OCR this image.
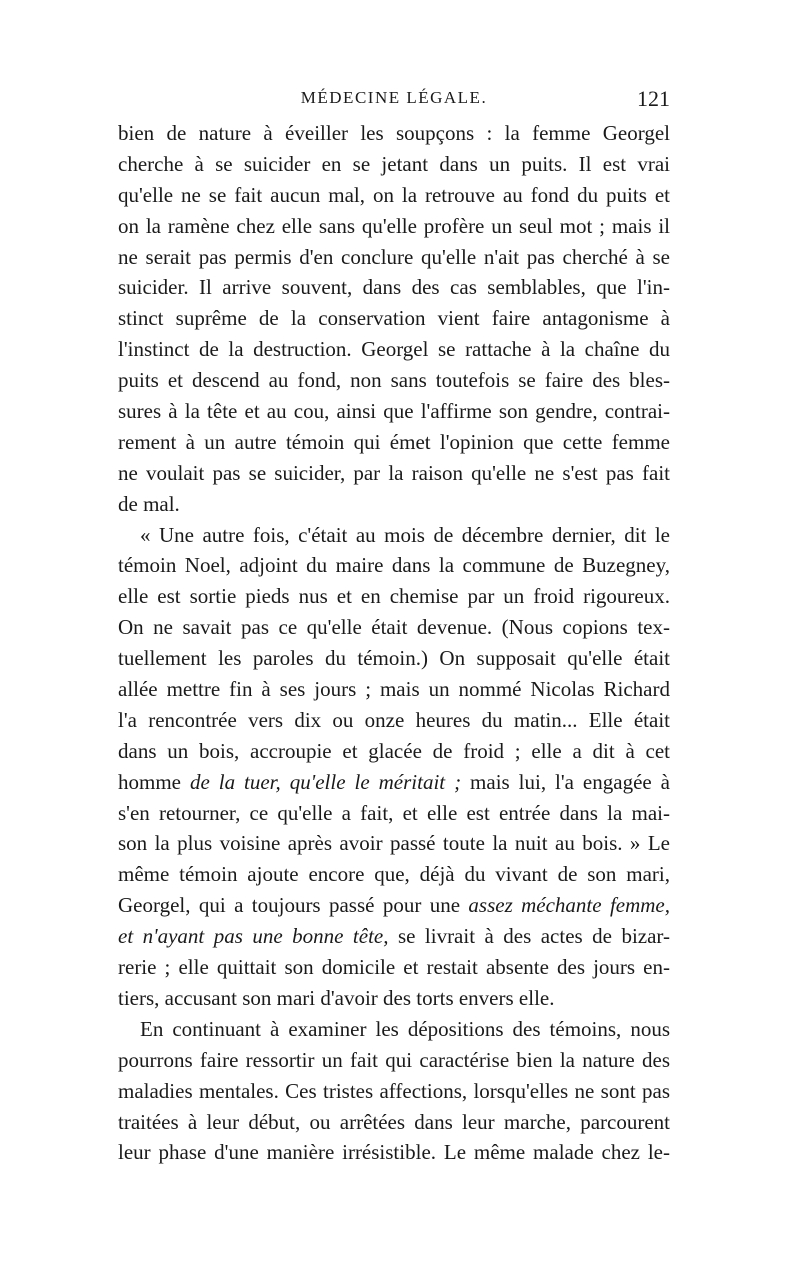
MÉDECINE LÉGALE.	121
bien de nature à éveiller les soupçons : la femme Georgel
cherche à se suicider en se jetant dans un puits. Il est vrai
qu'elle ne se fait aucun mal, on la retrouve au fond du puits et
on la ramène chez elle sans qu'elle profère un seul mot ; mais il
ne serait pas permis d'en conclure qu'elle n'ait pas cherché à se
suicider. Il arrive souvent, dans des cas semblables, que l'in-
stinct suprême de la conservation vient faire antagonisme à
l'instinct de la destruction. Georgel se rattache à la chaîne du
puits et descend au fond, non sans toutefois se faire des bles-
sures à la tête et au cou, ainsi que l'affirme son gendre, contrai-
rement à un autre témoin qui émet l'opinion que cette femme
ne voulait pas se suicider, par la raison qu'elle ne s'est pas fait
de mal.
« Une autre fois, c'était au mois de décembre dernier, dit le
témoin Noel, adjoint du maire dans la commune de Buzegney,
elle est sortie pieds nus et en chemise par un froid rigoureux.
On ne savait pas ce qu'elle était devenue. (Nous copions tex-
tuellement les paroles du témoin.) On supposait qu'elle était
allée mettre fin à ses jours ; mais un nommé Nicolas Richard
l'a rencontrée vers dix ou onze heures du matin... Elle était
dans un bois, accroupie et glacée de froid ; elle a dit à cet
homme de la tuer, qu'elle le méritait ; mais lui, l'a engagée à
s'en retourner, ce qu'elle a fait, et elle est entrée dans la mai-
son la plus voisine après avoir passé toute la nuit au bois. » Le
même témoin ajoute encore que, déjà du vivant de son mari,
Georgel, qui a toujours passé pour une assez méchante femme,
et n'ayant pas une bonne tête, se livrait à des actes de bizar-
rerie ; elle quittait son domicile et restait absente des jours en-
tiers, accusant son mari d'avoir des torts envers elle.
En continuant à examiner les dépositions des témoins, nous
pourrons faire ressortir un fait qui caractérise bien la nature des
maladies mentales. Ces tristes affections, lorsqu'elles ne sont pas
traitées à leur début, ou arrêtées dans leur marche, parcourent
leur phase d'une manière irrésistible. Le même malade chez le-
